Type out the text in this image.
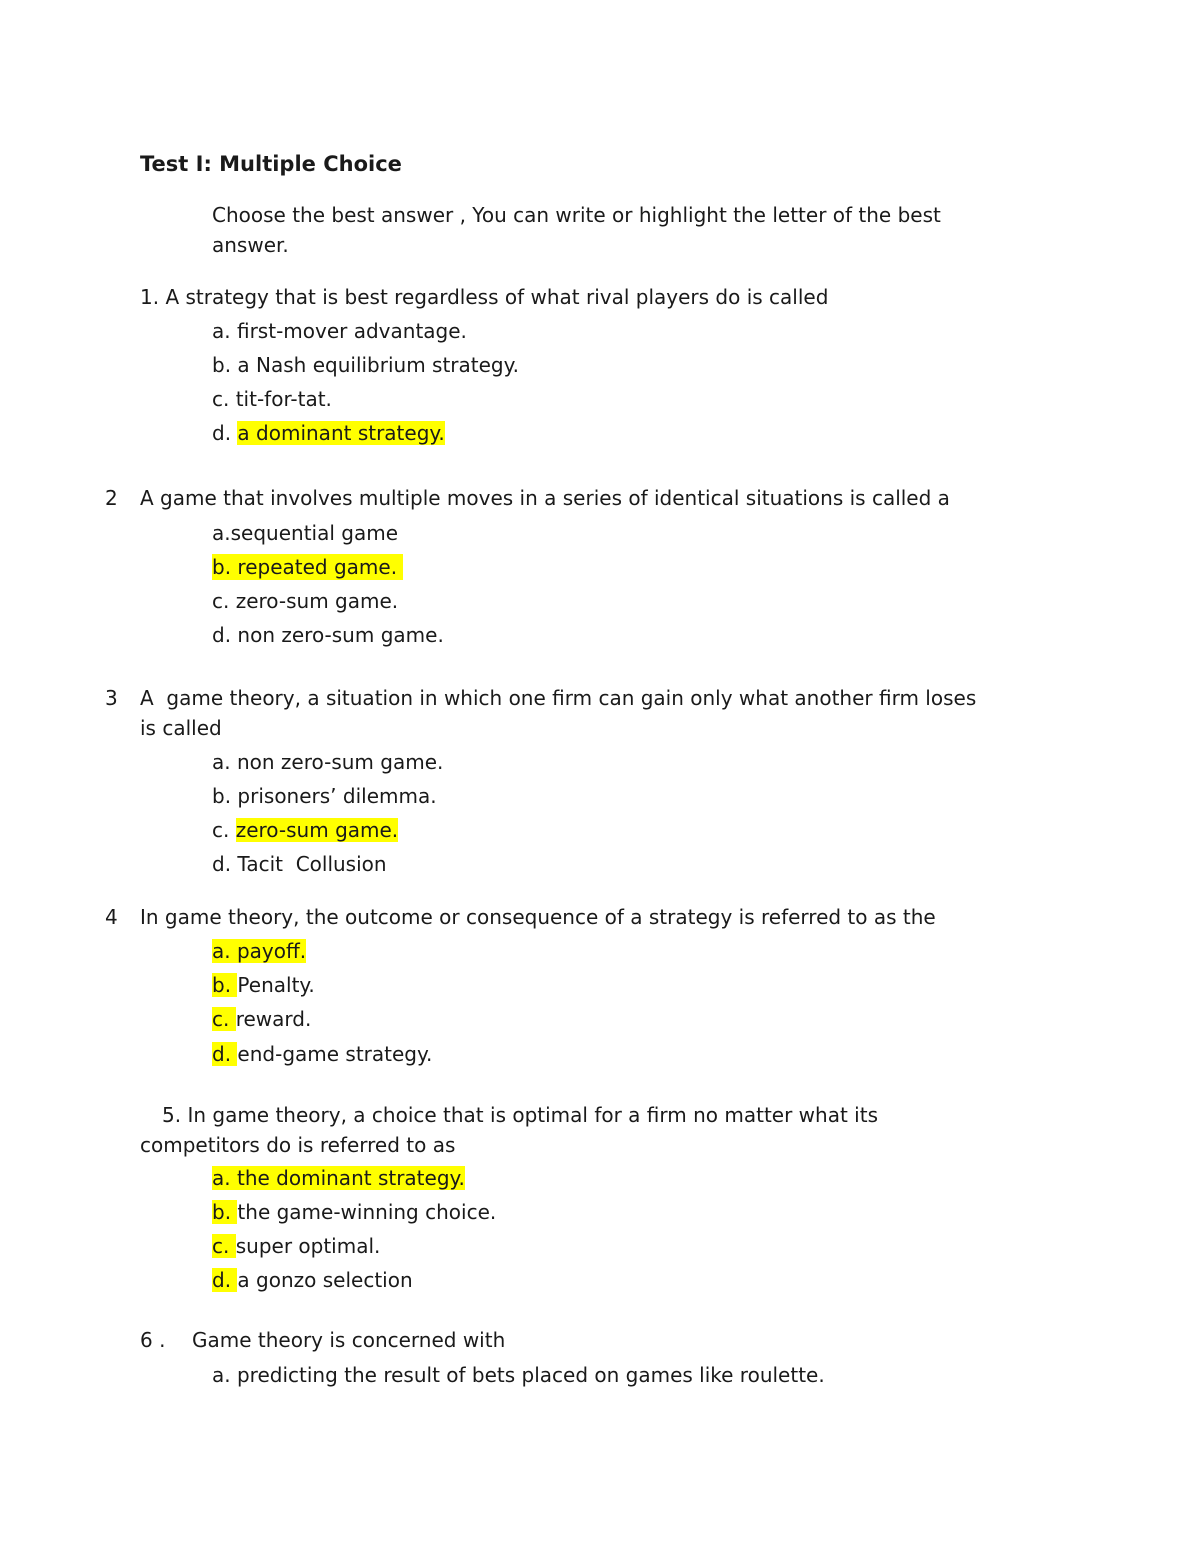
Test I: Multiple Choice
Choose the best answer , You can write or highlight the letter of the best
answer.
1. A strategy that is best regardless of what rival players do is called
a. first-mover advantage.
b. a Nash equilibrium strategy.
c. tit-for-tat.
d. a dominant strategy.
2 A game that involves multiple moves in a series of identical situations is called a
a.sequential game
b. repeated game.
c. zero-sum game.
d. non zero-sum game.
3 A  game theory, a situation in which one firm can gain only what another firm loses
is called
a. non zero-sum game.
b. prisoners’ dilemma.
c. zero-sum game.
d. Tacit  Collusion
4 In game theory, the outcome or consequence of a strategy is referred to as the
a. payoff.
b. Penalty.
c. reward.
d. end-game strategy.
5. In game theory, a choice that is optimal for a firm no matter what its
competitors do is referred to as
a. the dominant strategy.
b. the game-winning choice.
c. super optimal.
d. a gonzo selection
6 . Game theory is concerned with
a. predicting the result of bets placed on games like roulette.
